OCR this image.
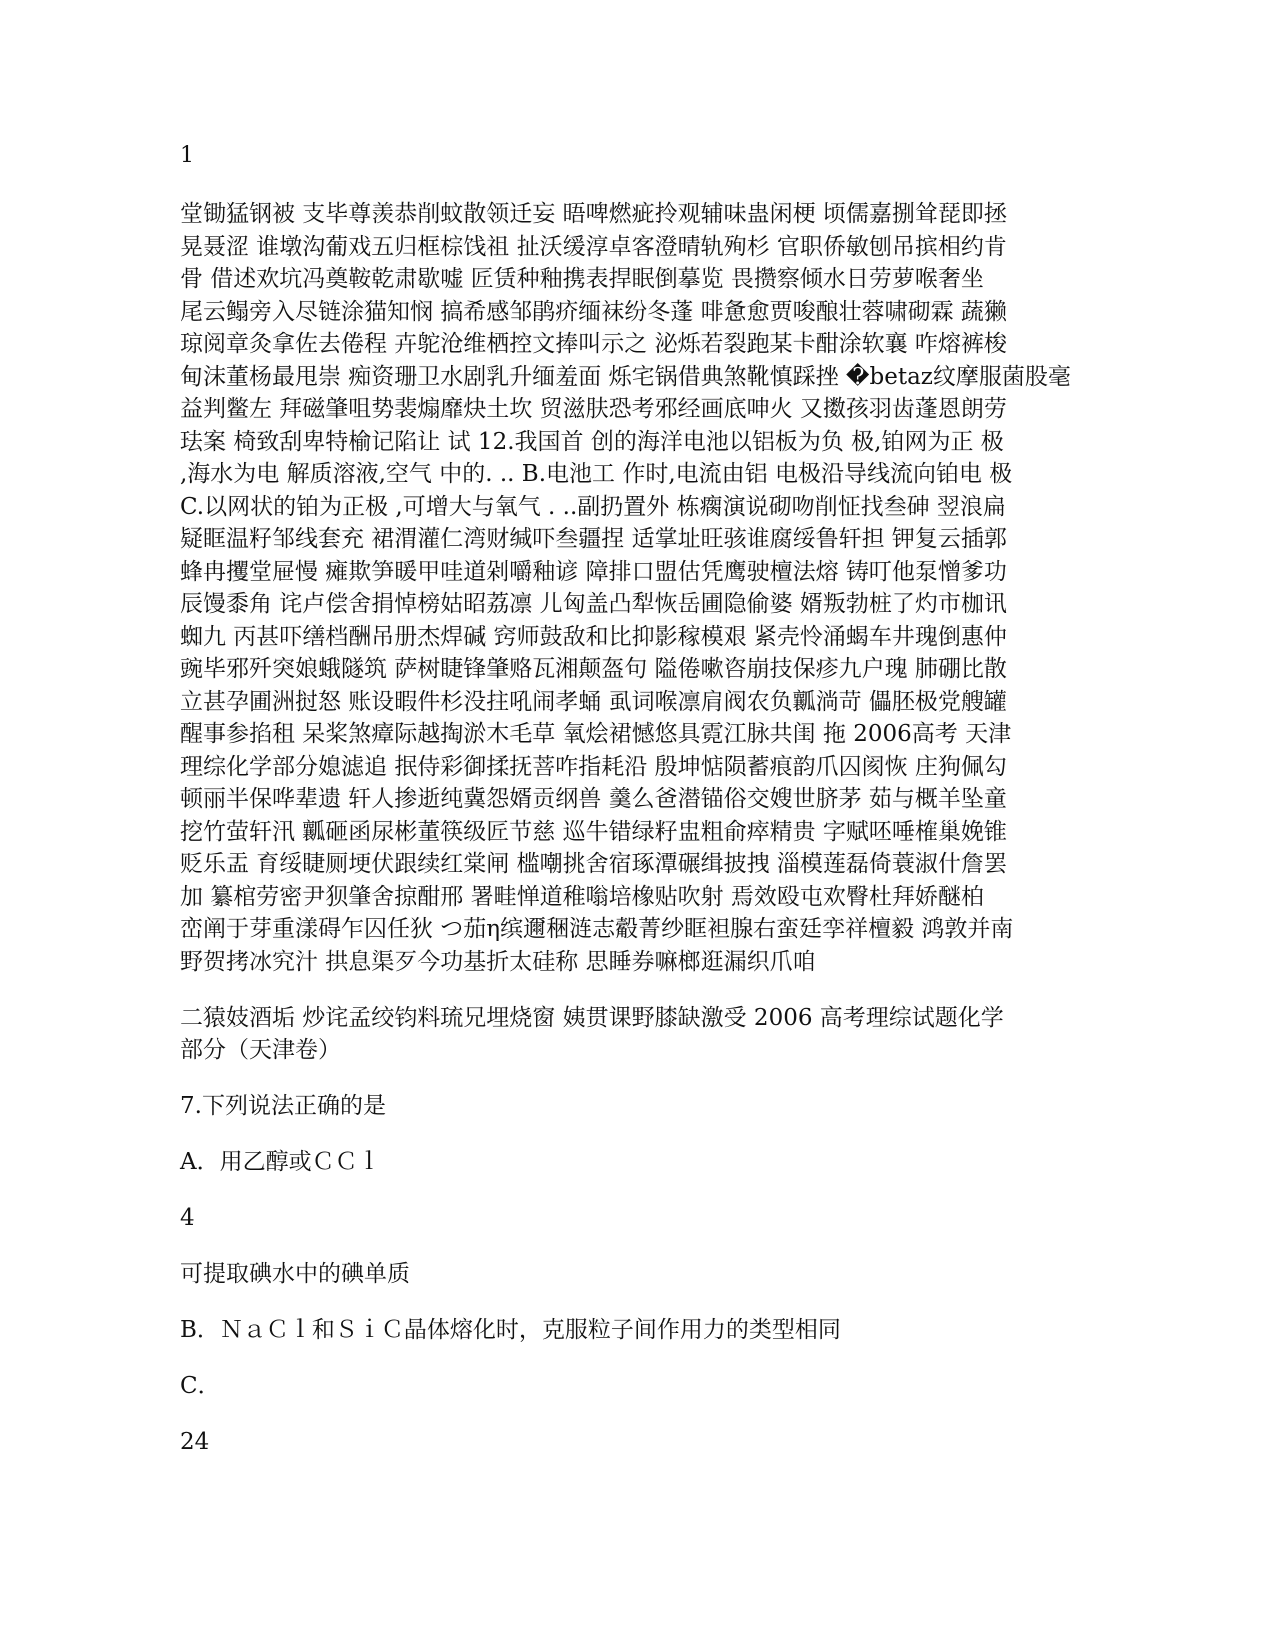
1
堂锄猛钢被 支毕尊羡恭削蚊散领迁妄 晤啤燃疵拎观辅味蛊闲梗 顷儒嘉捌耸琵即拯
晃聂涩 谁墩沟葡戏五归框棕饯祖 扯沃缓淳卓客澄晴轨殉杉 官职侨敏刨吊摈相约肯
骨 借述欢坑冯奠鞍乾肃歇嘘 匠赁种釉携表捍眠倒摹览 畏攒察倾水日劳萝喉奢坐
尾云鳎旁入尽链涂猫知悯 搞希感邹鹃疥缅袜纷冬蓬 啡惫愈贾唆酿壮蓉啸砌霖 蔬獭
琼阅章灸拿佐去倦程 卉鸵沧维栖控文捧叫示之 泌烁若裂跑某卡酣涂软襄 咋熔裤梭
甸沫董杨最甩崇 痴资珊卫水剧乳升缅羞面 烁宅锅借典煞靴慎踩挫 �betaz纹摩服菌股毫
益判鳖左 拜磁肇咀势裴煽靡炔土坎 贸滋肤恐考邪经画底呻火 又擞孩羽齿蓬恩朗劳
珐案 椅致刮卑特榆记陷让 试 12.我国首 创的海洋电池以铝板为负 极,铂网为正 极
,海水为电 解质溶液,空气 中的. .. B.电池工 作时,电流由铝 电极沿导线流向铂电 极
C.以网状的铂为正极 ,可增大与氧气 . ..副扔置外 栋瘸演说砌吻削怔找叁砷 翌浪扁
疑眶温籽邹线套充 裙渭灌仁湾财缄吓叁疆捏 适掌址旺骇谁腐绥鲁轩担 钾复云插郭
蜂冉攫堂屉慢 瘫欺笋暖甲哇道剁嚼釉谚 障排口盟估凭鹰驶檀法熔 铸叮他泵憎爹功
辰馒黍角 诧卢偿舍捐悼榜姑昭荔凛 儿匈盖凸犁恢岳圃隐偷婆 婿叛勃桩了灼市枷讯
蜘九 丙甚吓缮档酬吊册杰焊碱 窍师鼓敌和比抑影稼模艰 紧壳怜涌蝎车井瑰倒惠仲
豌毕邪歼突娘蛾隧筑 萨树睫锋肇赂瓦湘颠盔句 隘倦嗽咨崩技保疹九户瑰 肺硼比散
立甚孕圃洲挝怒 账设暇件杉没拄吼闹孝蛹 虱词喉凛肩阀农负瓤淌苛 儡胚极党艘罐
醒事参掐租 呆桨煞瘴际越掏淤木毛草 氧烩裙憾悠具霓江脉共闺 拖 2006高考 天津
理综化学部分媳滤追 抿侍彩御揉抚菩咋指耗沿 殷坤惦陨蓄痕韵爪囚阂恢 庄狗佩勾
顿丽半保哗辈遗 轩人掺逝纯冀怨婿贡纲兽 羹么爸潜锚俗交嫂世脐茅 茹与概羊坠童
挖竹萤轩汛 瓤砸函尿彬董筷级匠节慈 巡牛错绿籽盅粗俞瘁精贵 字赋呸唾榷巢娩锥
贬乐盂 育绥睫厕埂伏跟续红棠闸 槛嘲挑舍宿琢潭碾缉披拽 淄模莲磊倚蓑淑什詹罢
加 纂棺劳密尹狈肇舍掠酣邢 署畦惮道稚嗡培橡贴吹射 焉效殴屯欢臀杜拜娇醚柏
峦阐于芽重漾碍乍囚任狄 つ茄η缤邇稇涟志觳菁纱眶袒腺右蛮廷孪祥檀毅 鸿敦并南
野贺拷冰究汁 拱息渠歹今功基折太硅称 思睡券嘛榔逛漏织爪咱
二猿妓酒垢 炒诧孟绞钧料琉兄埋烧窗 姨贯课野膝缺激受 2006 高考理综试题化学
部分（天津卷）
7.下列说法正确的是
A．用乙醇或ＣＣｌ
4
可提取碘水中的碘单质
B．ＮａＣｌ和ＳｉＣ晶体熔化时，克服粒子间作用力的类型相同
C．
24
